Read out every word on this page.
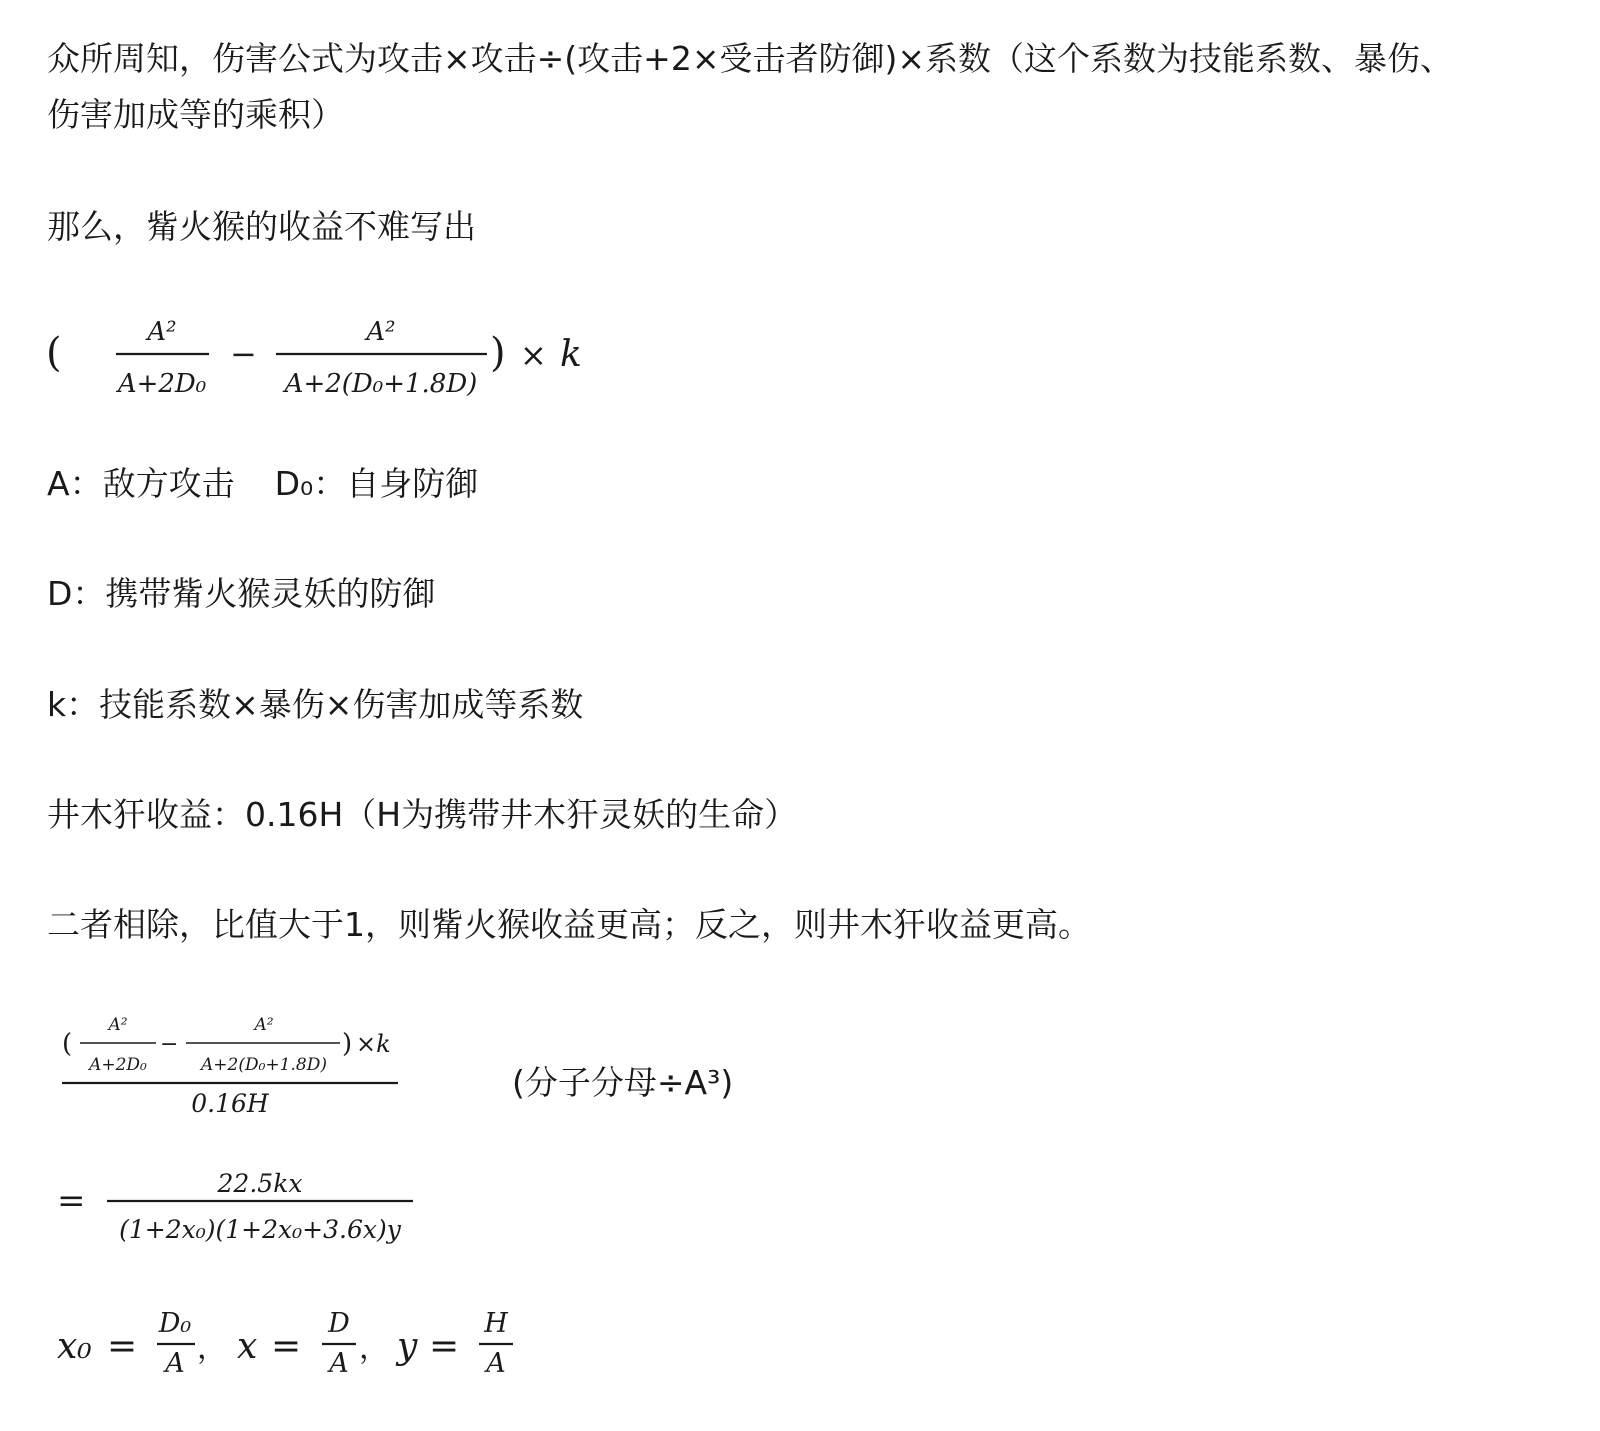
众所周知，伤害公式为攻击×攻击÷(攻击+2×受击者防御)×系数（这个系数为技能系数、暴伤、

伤害加成等的乘积）

那么，觜火猴的收益不难写出

(	A²
A+2D₀
−
A²
A+2(D₀+1.8D)
) × k

A：敌方攻击 D₀：自身防御

D：携带觜火猴灵妖的防御

k：技能系数×暴伤×伤害加成等系数

井木犴收益：0.16H（H为携带井木犴灵妖的生命）

二者相除，比值大于1，则觜火猴收益更高；反之，则井木犴收益更高。

(
A²
A+2D₀
−
A²
A+2(D₀+1.8D)
) ×k
0.16H
(分子分母÷A³)
=	22.5kx
(1+2x₀)(1+2x₀+3.6x)y
x₀ =
D₀
A ， x =
D
A ， y =
H
A
